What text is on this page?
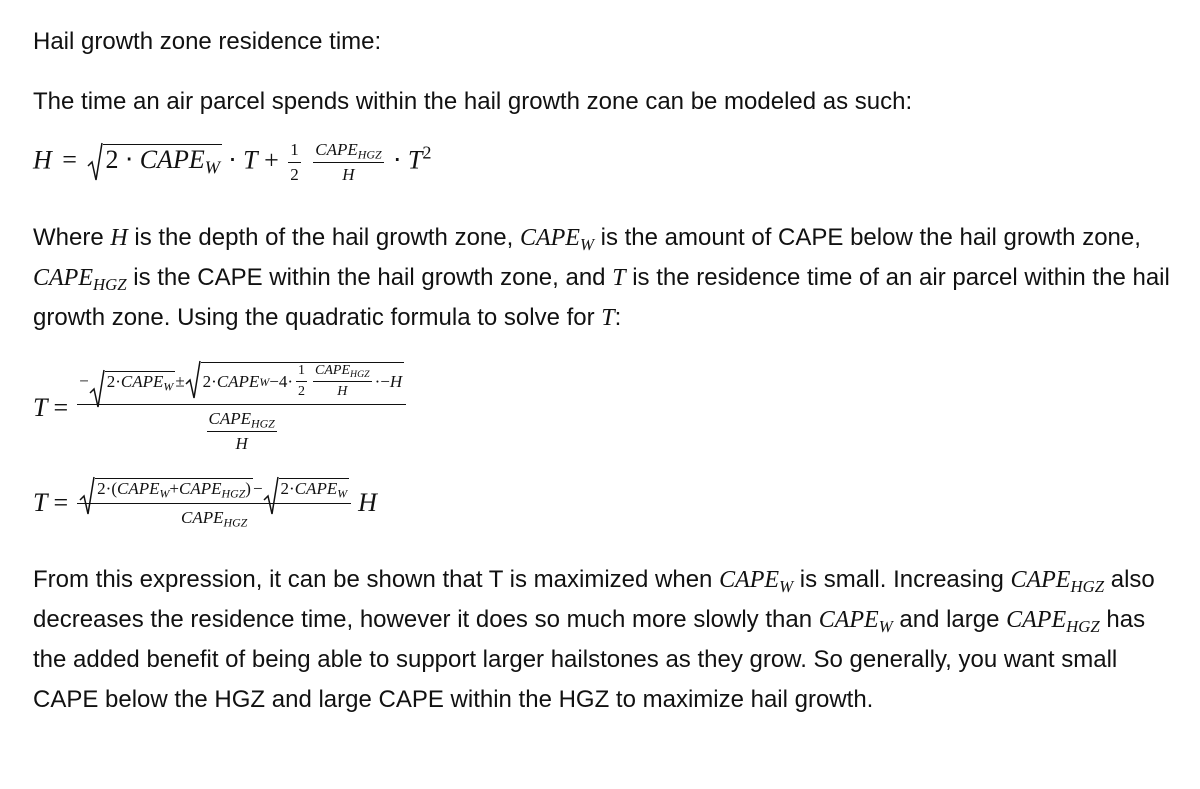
Hail growth zone residence time:
The time an air parcel spends within the hail growth zone can be modeled as such:
$H = 2 \cdot CAPE_W \cdot T + \frac{1}{2}$
$\frac{CAPE_{HGZ}}{H} \cdot T^2$
Where H is the depth of the hail growth zone, $CAPE_W$ is the amount of CAPE below the hail growth zone, $CAPE_{HGZ}$ is the CAPE within the hail growth zone, and T is the residence time of an air parcel within the hail growth zone. Using the quadratic formula to solve for T:
$T = \frac{- 2\cdot CAPE_W \pm 2 \cdot CAPE W - 4 \cdot \frac{1}{2} \frac{CAPE_{HGZ}}{H} \cdot - H}{\frac{CAPE_{HGZ}}{H}}$
$T = \frac{2\cdot(CAPE_W+CAPE_{HGZ}) - 2\cdot CAPE_W}{CAPE_{HGZ}}$ H
From this expression, it can be shown that T is maximized when $CAPE_W$ is small. Increasing $CAPE_{HGZ}$ also decreases the residence time, however it does so much more slowly than $CAPE_W$ and large $CAPE_{HGZ}$ has the added benefit of being able to support larger hailstones as they grow. So generally, you want small CAPE below the HGZ and large CAPE within the HGZ to maximize hail growth.
